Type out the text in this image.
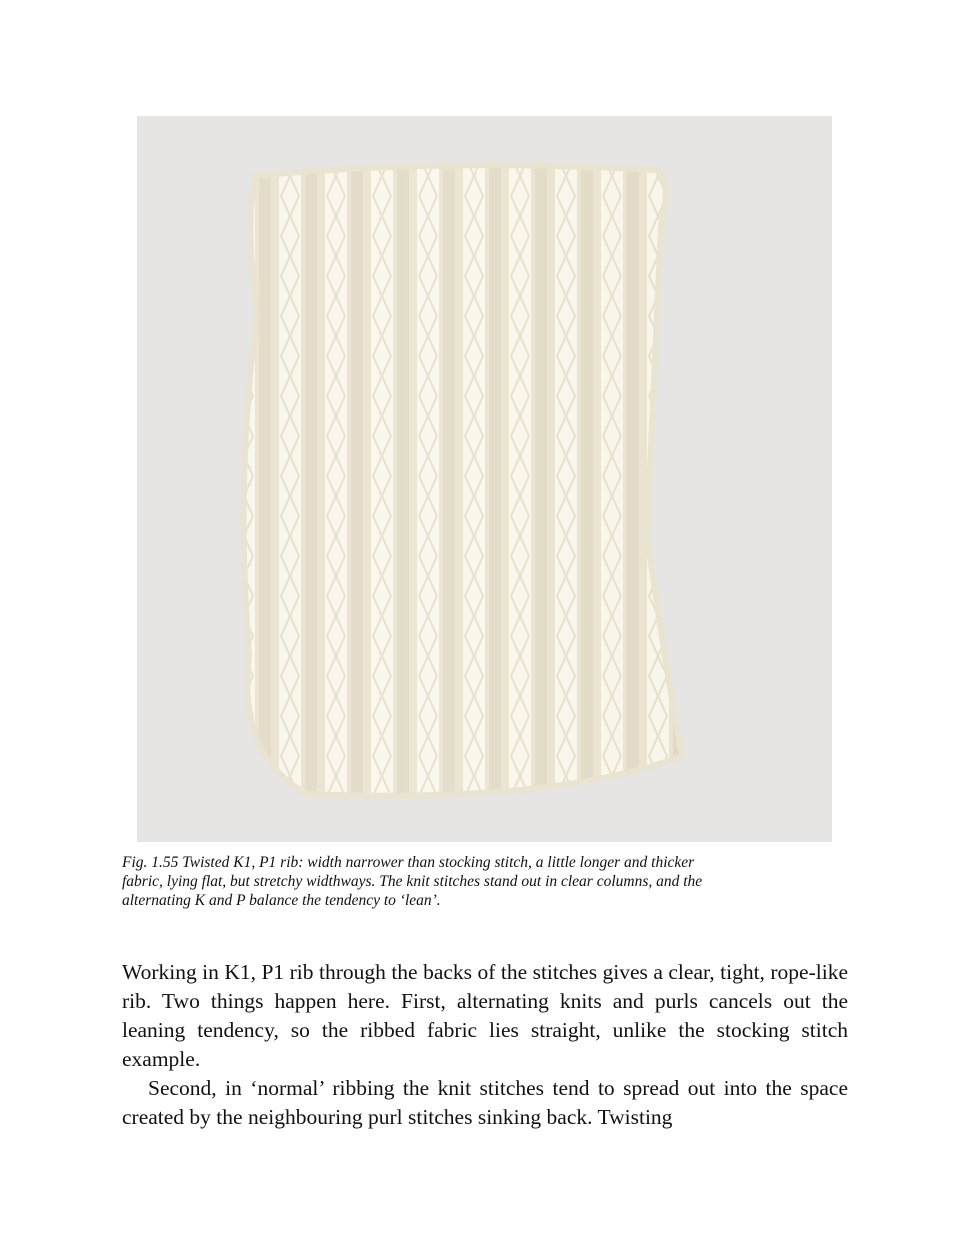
Fig. 1.55 Twisted K1, P1 rib: width narrower than stocking stitch, a little longer and thicker
fabric, lying flat, but stretchy widthways. The knit stitches stand out in clear columns, and the
alternating K and P balance the tendency to ‘lean’.

Working in K1, P1 rib through the backs of the stitches gives a clear, tight, rope-like rib. Two things happen here. First, alternating knits and purls cancels out the leaning tendency, so the ribbed fabric lies straight, unlike the stocking stitch example.

Second, in ‘normal’ ribbing the knit stitches tend to spread out into the space created by the neighbouring purl stitches sinking back. Twisting
